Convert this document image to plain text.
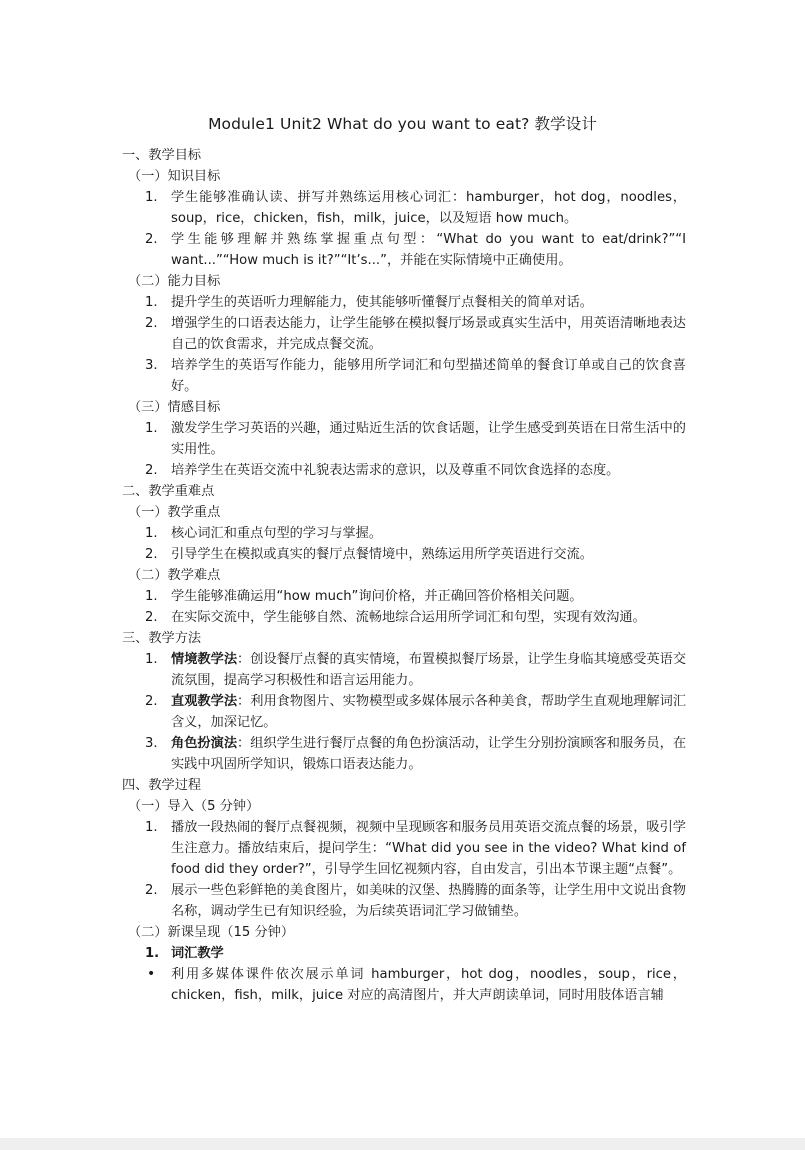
Module1 Unit2 What do you want to eat? 教学设计
一、教学目标
（一）知识目标
1. 学生能够准确认读、拼写并熟练运用核心词汇：hamburger，hot dog，noodles，soup，rice，chicken，fish，milk，juice，以及短语 how much。
2. 学生能够理解并熟练掌握重点句型：“What do you want to eat/drink?”“I want...”“How much is it?”“It’s...”，并能在实际情境中正确使用。
（二）能力目标
1. 提升学生的英语听力理解能力，使其能够听懂餐厅点餐相关的简单对话。
2. 增强学生的口语表达能力，让学生能够在模拟餐厅场景或真实生活中，用英语清晰地表达自己的饮食需求，并完成点餐交流。
3. 培养学生的英语写作能力，能够用所学词汇和句型描述简单的餐食订单或自己的饮食喜好。
（三）情感目标
1. 激发学生学习英语的兴趣，通过贴近生活的饮食话题，让学生感受到英语在日常生活中的实用性。
2. 培养学生在英语交流中礼貌表达需求的意识，以及尊重不同饮食选择的态度。
二、教学重难点
（一）教学重点
1. 核心词汇和重点句型的学习与掌握。
2. 引导学生在模拟或真实的餐厅点餐情境中，熟练运用所学英语进行交流。
（二）教学难点
1. 学生能够准确运用“how much”询问价格，并正确回答价格相关问题。
2. 在实际交流中，学生能够自然、流畅地综合运用所学词汇和句型，实现有效沟通。
三、教学方法
1. 情境教学法：创设餐厅点餐的真实情境，布置模拟餐厅场景，让学生身临其境感受英语交流氛围，提高学习积极性和语言运用能力。
2. 直观教学法：利用食物图片、实物模型或多媒体展示各种美食，帮助学生直观地理解词汇含义，加深记忆。
3. 角色扮演法：组织学生进行餐厅点餐的角色扮演活动，让学生分别扮演顾客和服务员，在实践中巩固所学知识，锻炼口语表达能力。
四、教学过程
（一）导入（5 分钟）
1. 播放一段热闹的餐厅点餐视频，视频中呈现顾客和服务员用英语交流点餐的场景，吸引学生注意力。播放结束后，提问学生：“What did you see in the video? What kind of food did they order?”，引导学生回忆视频内容，自由发言，引出本节课主题“点餐”。
2. 展示一些色彩鲜艳的美食图片，如美味的汉堡、热腾腾的面条等，让学生用中文说出食物名称，调动学生已有知识经验，为后续英语词汇学习做铺垫。
（二）新课呈现（15 分钟）
1. 词汇教学
• 利用多媒体课件依次展示单词 hamburger，hot dog，noodles，soup，rice，chicken，fish，milk，juice 对应的高清图片，并大声朗读单词，同时用肢体语言辅
